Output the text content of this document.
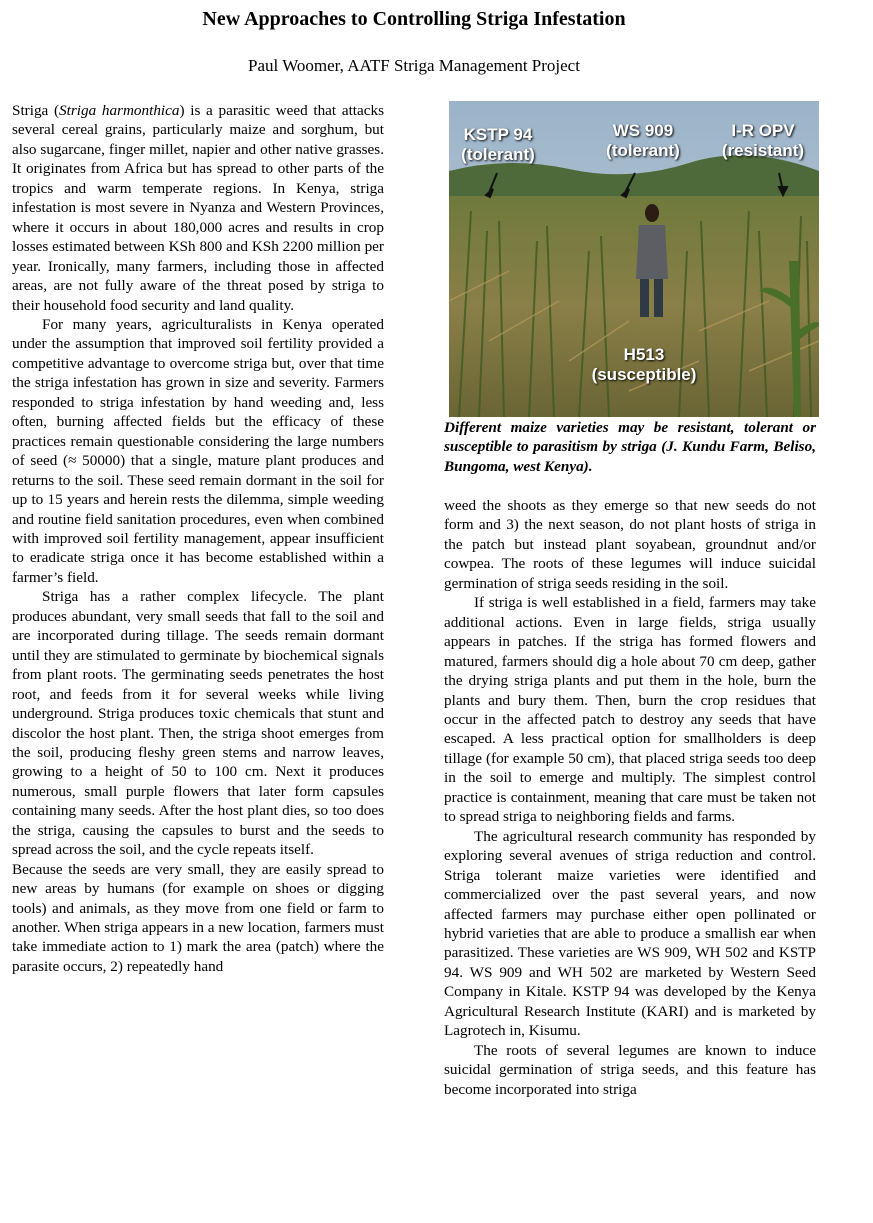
New Approaches to Controlling Striga Infestation
Paul Woomer, AATF Striga Management Project

Striga (Striga harmonthica) is a parasitic weed that attacks several cereal grains, particularly maize and sorghum, but also sugarcane, finger millet, napier and other native grasses. It originates from Africa but has spread to other parts of the tropics and warm temperate regions. In Kenya, striga infestation is most severe in Nyanza and Western Provinces, where it occurs in about 180,000 acres and results in crop losses estimated between KSh 800 and KSh 2200 million per year. Ironically, many farmers, including those in affected areas, are not fully aware of the threat posed by striga to their household food security and land quality.

For many years, agriculturalists in Kenya operated under the assumption that improved soil fertility provided a competitive advantage to overcome striga but, over that time the striga infestation has grown in size and severity. Farmers responded to striga infestation by hand weeding and, less often, burning affected fields but the efficacy of these practices remain questionable considering the large numbers of seed (≈ 50000) that a single, mature plant produces and returns to the soil. These seed remain dormant in the soil for up to 15 years and herein rests the dilemma, simple weeding and routine field sanitation procedures, even when combined with improved soil fertility management, appear insufficient to eradicate striga once it has become established within a farmer’s field.

Striga has a rather complex lifecycle. The plant produces abundant, very small seeds that fall to the soil and are incorporated during tillage. The seeds remain dormant until they are stimulated to germinate by biochemical signals from plant roots. The germinating seeds penetrates the host root, and feeds from it for several weeks while living underground. Striga produces toxic chemicals that stunt and discolor the host plant. Then, the striga shoot emerges from the soil, producing fleshy green stems and narrow leaves, growing to a height of 50 to 100 cm. Next it produces numerous, small purple flowers that later form capsules containing many seeds. After the host plant dies, so too does the striga, causing the capsules to burst and the seeds to spread across the soil, and the cycle repeats itself.

Because the seeds are very small, they are easily spread to new areas by humans (for example on shoes or digging tools) and animals, as they move from one field or farm to another. When striga appears in a new location, farmers must take immediate action to 1) mark the area (patch) where the parasite occurs, 2) repeatedly hand

KSTP 94
(tolerant)
WS 909
(tolerant)
I-R OPV
(resistant)
H513
(susceptible)
Different maize varieties may be resistant, tolerant or susceptible to parasitism by striga (J. Kundu Farm, Beliso, Bungoma, west Kenya).

weed the shoots as they emerge so that new seeds do not form and 3) the next season, do not plant hosts of striga in the patch but instead plant soyabean, groundnut and/or cowpea. The roots of these legumes will induce suicidal germination of striga seeds residing in the soil.

If striga is well established in a field, farmers may take additional actions. Even in large fields, striga usually appears in patches. If the striga has formed flowers and matured, farmers should dig a hole about 70 cm deep, gather the drying striga plants and put them in the hole, burn the plants and bury them. Then, burn the crop residues that occur in the affected patch to destroy any seeds that have escaped. A less practical option for smallholders is deep tillage (for example 50 cm), that placed striga seeds too deep in the soil to emerge and multiply. The simplest control practice is containment, meaning that care must be taken not to spread striga to neighboring fields and farms.

The agricultural research community has responded by exploring several avenues of striga reduction and control. Striga tolerant maize varieties were identified and commercialized over the past several years, and now affected farmers may purchase either open pollinated or hybrid varieties that are able to produce a smallish ear when parasitized. These varieties are WS 909, WH 502 and KSTP 94. WS 909 and WH 502 are marketed by Western Seed Company in Kitale. KSTP 94 was developed by the Kenya Agricultural Research Institute (KARI) and is marketed by Lagrotech in, Kisumu.

The roots of several legumes are known to induce suicidal germination of striga seeds, and this feature has become incorporated into striga
